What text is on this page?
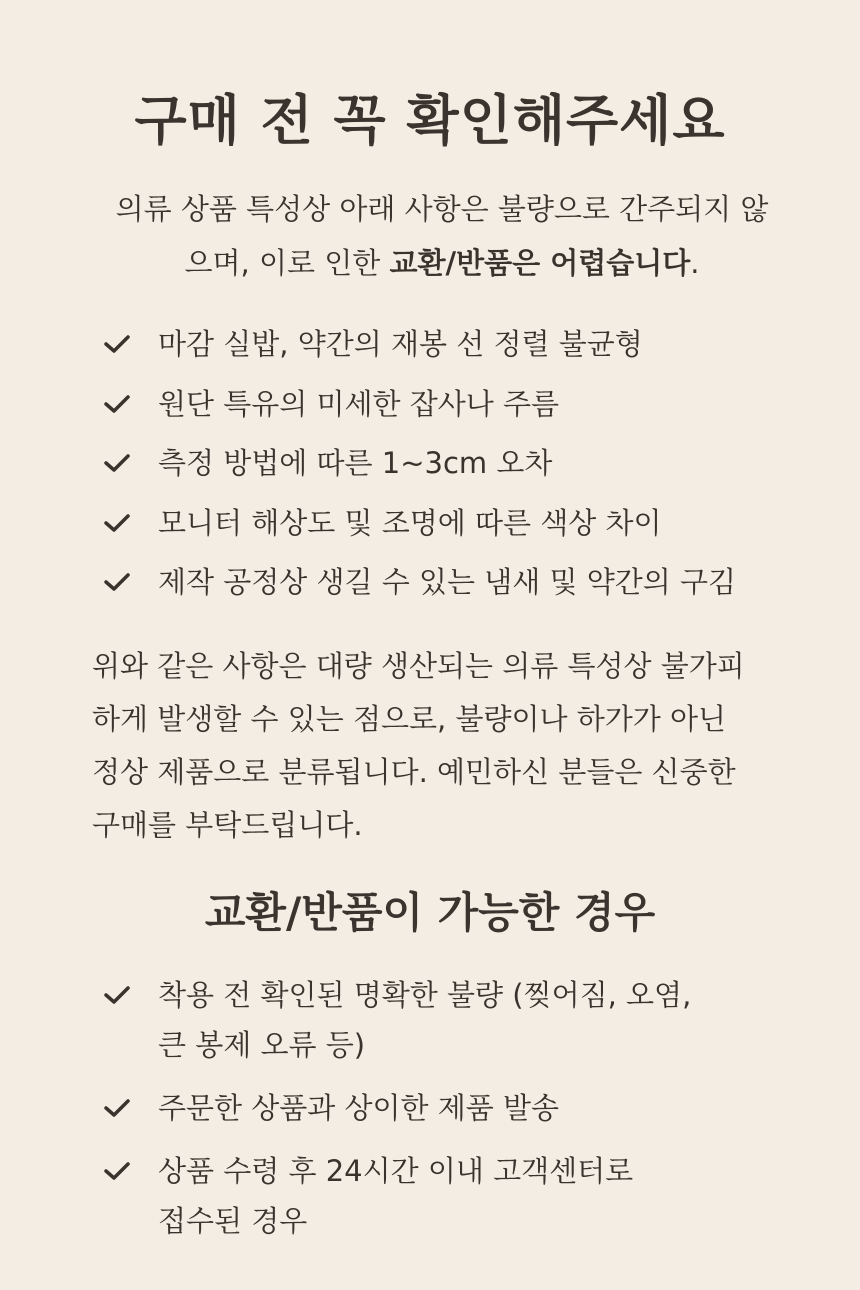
구매 전 꼭 확인해주세요
의류 상품 특성상 아래 사항은 불량으로 간주되지 않
으며, 이로 인한 교환/반품은 어렵습니다.
마감 실밥, 약간의 재봉 선 정렬 불균형
원단 특유의 미세한 잡사나 주름
측정 방법에 따른 1~3cm 오차
모니터 해상도 및 조명에 따른 색상 차이
제작 공정상 생길 수 있는 냄새 및 약간의 구김
위와 같은 사항은 대량 생산되는 의류 특성상 불가피
하게 발생할 수 있는 점으로, 불량이나 하가가 아닌
정상 제품으로 분류됩니다. 예민하신 분들은 신중한
구매를 부탁드립니다.
교환/반품이 가능한 경우
착용 전 확인된 명확한 불량 (찢어짐, 오염,
큰 봉제 오류 등)
주문한 상품과 상이한 제품 발송
상품 수령 후 24시간 이내 고객센터로
접수된 경우
